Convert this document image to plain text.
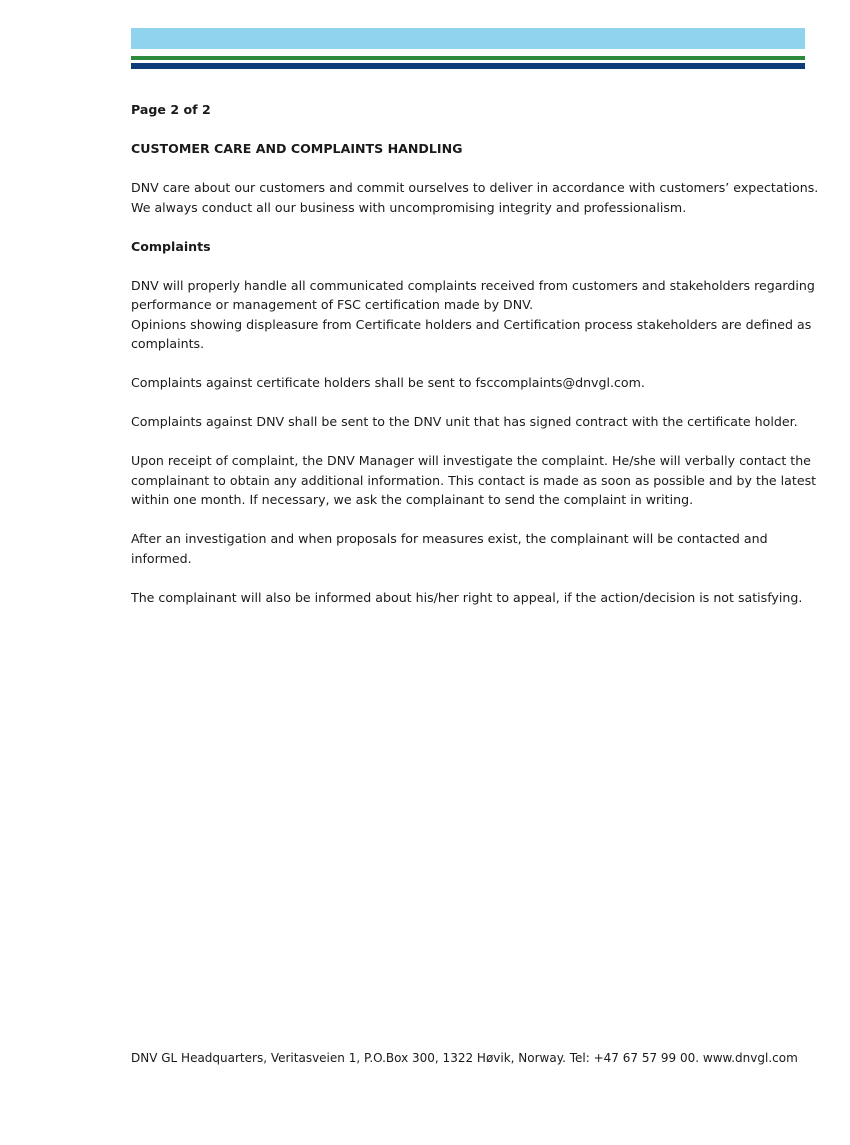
Page 2 of 2

CUSTOMER CARE AND COMPLAINTS HANDLING

DNV care about our customers and commit ourselves to deliver in accordance with customers’ expectations. We always conduct all our business with uncompromising integrity and professionalism.

Complaints

DNV will properly handle all communicated complaints received from customers and stakeholders regarding performance or management of FSC certification made by DNV.

Opinions showing displeasure from Certificate holders and Certification process stakeholders are defined as complaints.

Complaints against certificate holders shall be sent to fsccomplaints@dnvgl.com.

Complaints against DNV shall be sent to the DNV unit that has signed contract with the certificate holder.

Upon receipt of complaint, the DNV Manager will investigate the complaint. He/she will verbally contact the complainant to obtain any additional information. This contact is made as soon as possible and by the latest within one month. If necessary, we ask the complainant to send the complaint in writing.

After an investigation and when proposals for measures exist, the complainant will be contacted and informed.

The complainant will also be informed about his/her right to appeal, if the action/decision is not satisfying.

DNV GL Headquarters, Veritasveien 1, P.O.Box 300, 1322 Høvik, Norway. Tel: +47 67 57 99 00. www.dnvgl.com
